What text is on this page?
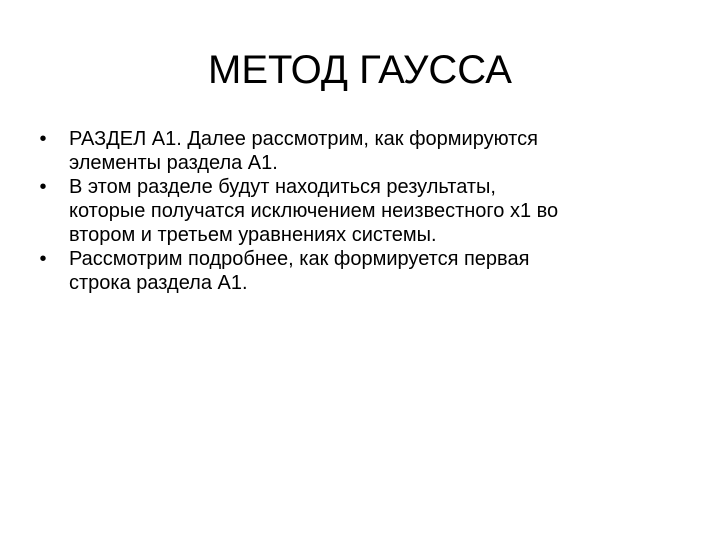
МЕТОД ГАУССА
• РАЗДЕЛ А1. Далее рассмотрим, как формируются
элементы раздела А1.
• В этом разделе будут находиться результаты,
которые получатся исключением неизвестного х1 во
втором и третьем уравнениях системы.
• Рассмотрим подробнее, как формируется первая
строка раздела А1.
